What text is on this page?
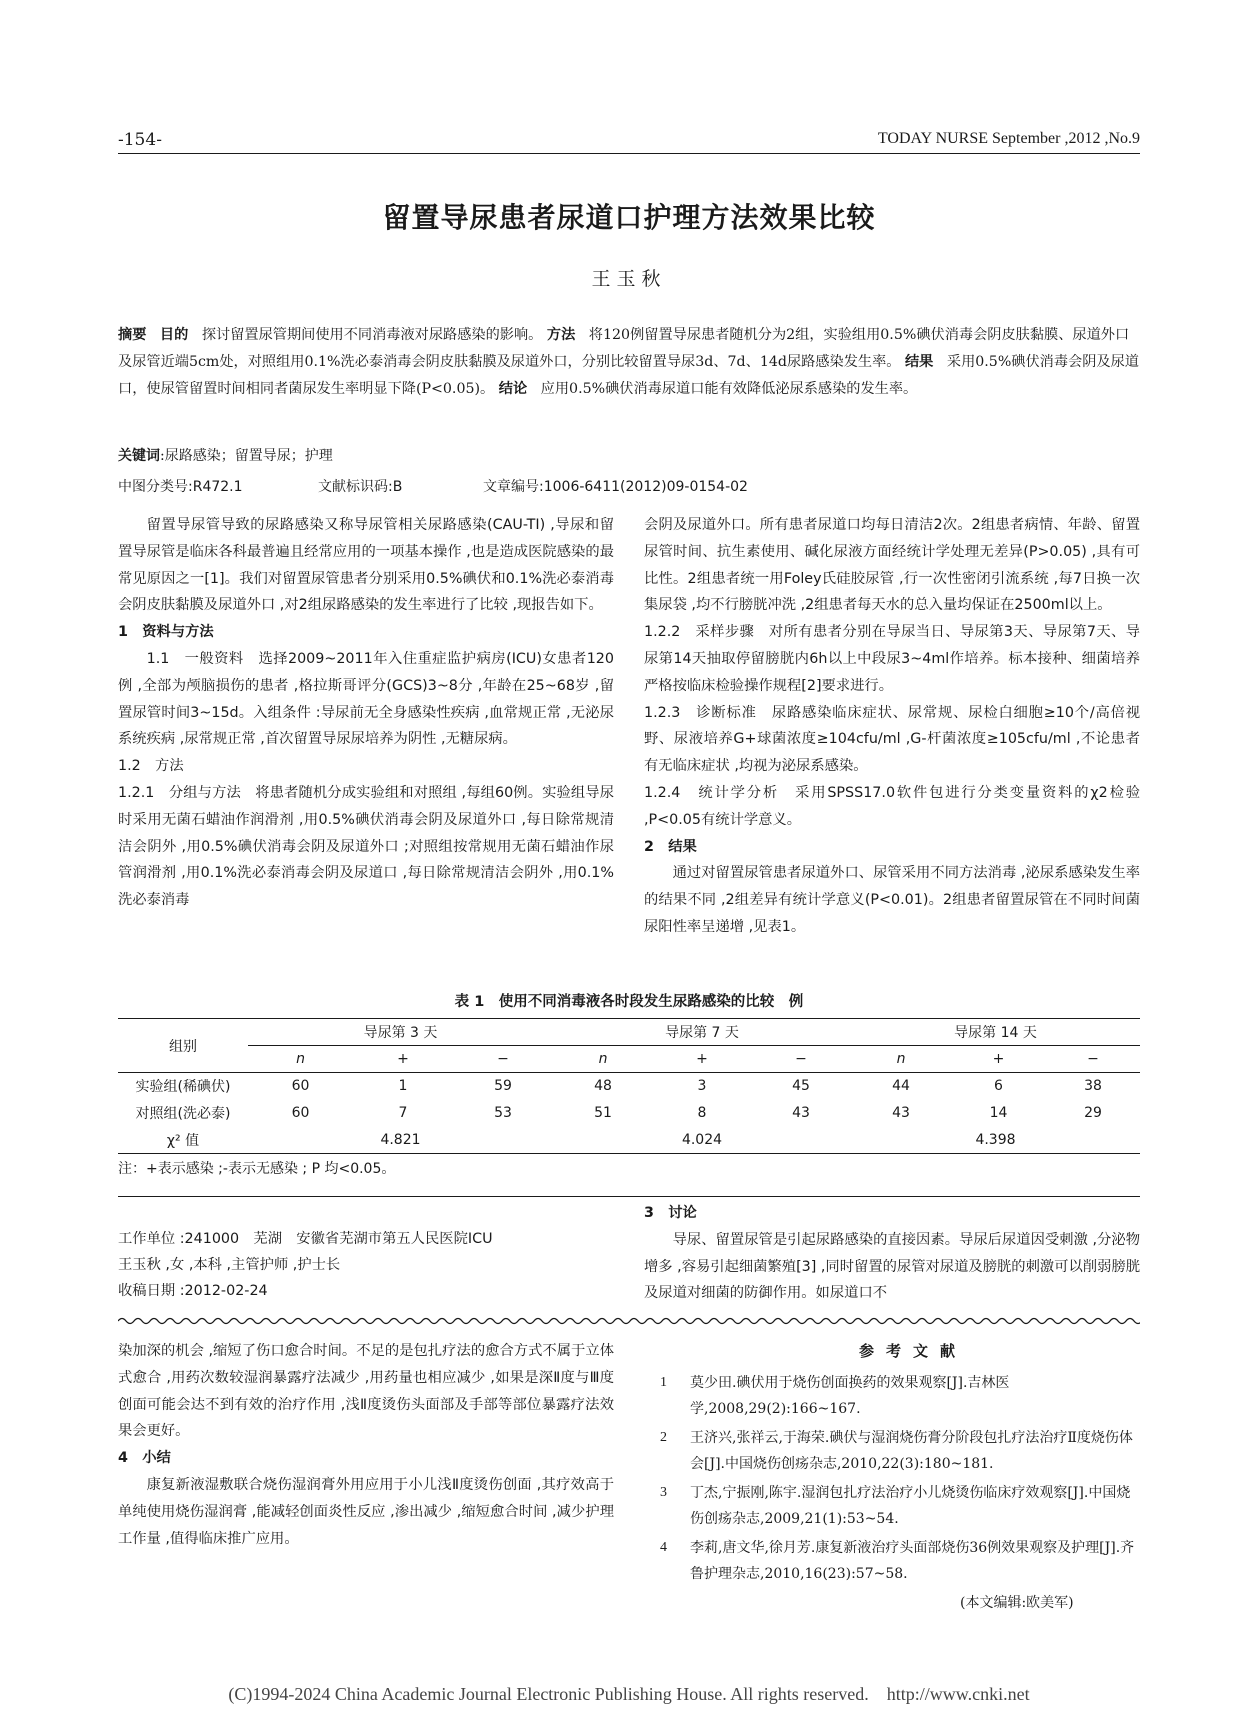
-154-	TODAY NURSE September ,2012 ,No.9
留置导尿患者尿道口护理方法效果比较
王玉秋
摘要 目的 探讨留置尿管期间使用不同消毒液对尿路感染的影响。 方法 将120例留置导尿患者随机分为2组，实验组用0.5%碘伏消毒会阴皮肤黏膜、尿道外口及尿管近端5cm处，对照组用0.1%洗必泰消毒会阴皮肤黏膜及尿道外口，分别比较留置导尿3d、7d、14d尿路感染发生率。 结果 采用0.5%碘伏消毒会阴及尿道口，使尿管留置时间相同者菌尿发生率明显下降(P<0.05)。 结论 应用0.5%碘伏消毒尿道口能有效降低泌尿系感染的发生率。
关键词:尿路感染；留置导尿；护理
中图分类号:R472.1	文献标识码:B	文章编号:1006-6411(2012)09-0154-02

留置导尿管导致的尿路感染又称导尿管相关尿路感染(CAU-TI) ,导尿和留置导尿管是临床各科最普遍且经常应用的一项基本操作 ,也是造成医院感染的最常见原因之一[1]。我们对留置尿管患者分别采用0.5%碘伏和0.1%洗必泰消毒会阴皮肤黏膜及尿道外口 ,对2组尿路感染的发生率进行了比较 ,现报告如下。

1　资料与方法

1.1　一般资料　 选择2009~2011年入住重症监护病房(ICU)女患者120例 ,全部为颅脑损伤的患者 ,格拉斯哥评分(GCS)3~8分 ,年龄在25~68岁 ,留置尿管时间3~15d。入组条件 :导尿前无全身感染性疾病 ,血常规正常 ,无泌尿系统疾病 ,尿常规正常 ,首次留置导尿尿培养为阴性 ,无糖尿病。

1.2　方法

1.2.1　分组与方法　 将患者随机分成实验组和对照组 ,每组60例。实验组导尿时采用无菌石蜡油作润滑剂 ,用0.5%碘伏消毒会阴及尿道外口 ,每日除常规清洁会阴外 ,用0.5%碘伏消毒会阴及尿道外口 ;对照组按常规用无菌石蜡油作尿管润滑剂 ,用0.1%洗必泰消毒会阴及尿道口 ,每日除常规清洁会阴外 ,用0.1%洗必泰消毒

会阴及尿道外口。所有患者尿道口均每日清洁2次。2组患者病情、年龄、留置尿管时间、抗生素使用、碱化尿液方面经统计学处理无差异(P>0.05) ,具有可比性。2组患者统一用Foley氏硅胶尿管 ,行一次性密闭引流系统 ,每7日换一次集尿袋 ,均不行膀胱冲洗 ,2组患者每天水的总入量均保证在2500ml以上。

1.2.2　采样步骤　 对所有患者分别在导尿当日、导尿第3天、导尿第7天、导尿第14天抽取停留膀胱内6h以上中段尿3~4ml作培养。标本接种、细菌培养严格按临床检验操作规程[2]要求进行。

1.2.3　诊断标准　 尿路感染临床症状、尿常规、尿检白细胞≥10个/高倍视野、尿液培养G+球菌浓度≥104cfu/ml ,G-杆菌浓度≥105cfu/ml ,不论患者有无临床症状 ,均视为泌尿系感染。

1.2.4　统计学分析　 采用SPSS17.0软件包进行分类变量资料的χ2检验 ,P<0.05有统计学意义。

2　结果

通过对留置尿管患者尿道外口、尿管采用不同方法消毒 ,泌尿系感染发生率的结果不同 ,2组差异有统计学意义(P<0.01)。2组患者留置尿管在不同时间菌尿阳性率呈递增 ,见表1。

表 1　使用不同消毒液各时段发生尿路感染的比较　例
组别	导尿第 3 天			导尿第 7 天			导尿第 14 天		
	n	+	−	n	+	−	n	+	−
实验组(稀碘伏)	60	1	59	48	3	45	44	6	38
对照组(洗必泰)	60	7	53	51	8	43	43	14	29
χ² 值	4.821			4.024			4.398		
注：+表示感染 ;-表示无感染 ; P 均<0.05。
工作单位 :241000　芜湖　安徽省芜湖市第五人民医院ICU
王玉秋 ,女 ,本科 ,主管护师 ,护士长
收稿日期 :2012-02-24

3　讨论

导尿、留置尿管是引起尿路感染的直接因素。导尿后尿道因受刺激 ,分泌物增多 ,容易引起细菌繁殖[3] ,同时留置的尿管对尿道及膀胱的刺激可以削弱膀胱及尿道对细菌的防御作用。如尿道口不

染加深的机会 ,缩短了伤口愈合时间。不足的是包扎疗法的愈合方式不属于立体式愈合 ,用药次数较湿润暴露疗法减少 ,用药量也相应减少 ,如果是深Ⅱ度与Ⅲ度创面可能会达不到有效的治疗作用 ,浅Ⅱ度烫伤头面部及手部等部位暴露疗法效果会更好。

4　小结

康复新液湿敷联合烧伤湿润膏外用应用于小儿浅Ⅱ度烫伤创面 ,其疗效高于单纯使用烧伤湿润膏 ,能减轻创面炎性反应 ,渗出减少 ,缩短愈合时间 ,减少护理工作量 ,值得临床推广应用。

参考文献
1 莫少田.碘伏用于烧伤创面换药的效果观察[J].吉林医学,2008,29(2):166~167.
2 王济兴,张祥云,于海荣.碘伏与湿润烧伤膏分阶段包扎疗法治疗Ⅱ度烧伤体会[J].中国烧伤创疡杂志,2010,22(3):180~181.
3 丁杰,宁振刚,陈宇.湿润包扎疗法治疗小儿烧烫伤临床疗效观察[J].中国烧伤创疡杂志,2009,21(1):53~54.
4 李莉,唐文华,徐月芳.康复新液治疗头面部烧伤36例效果观察及护理[J].齐鲁护理杂志,2010,16(23):57~58.
(本文编辑:欧美军)
(C)1994-2024 China Academic Journal Electronic Publishing House. All rights reserved.　http://www.cnki.net
